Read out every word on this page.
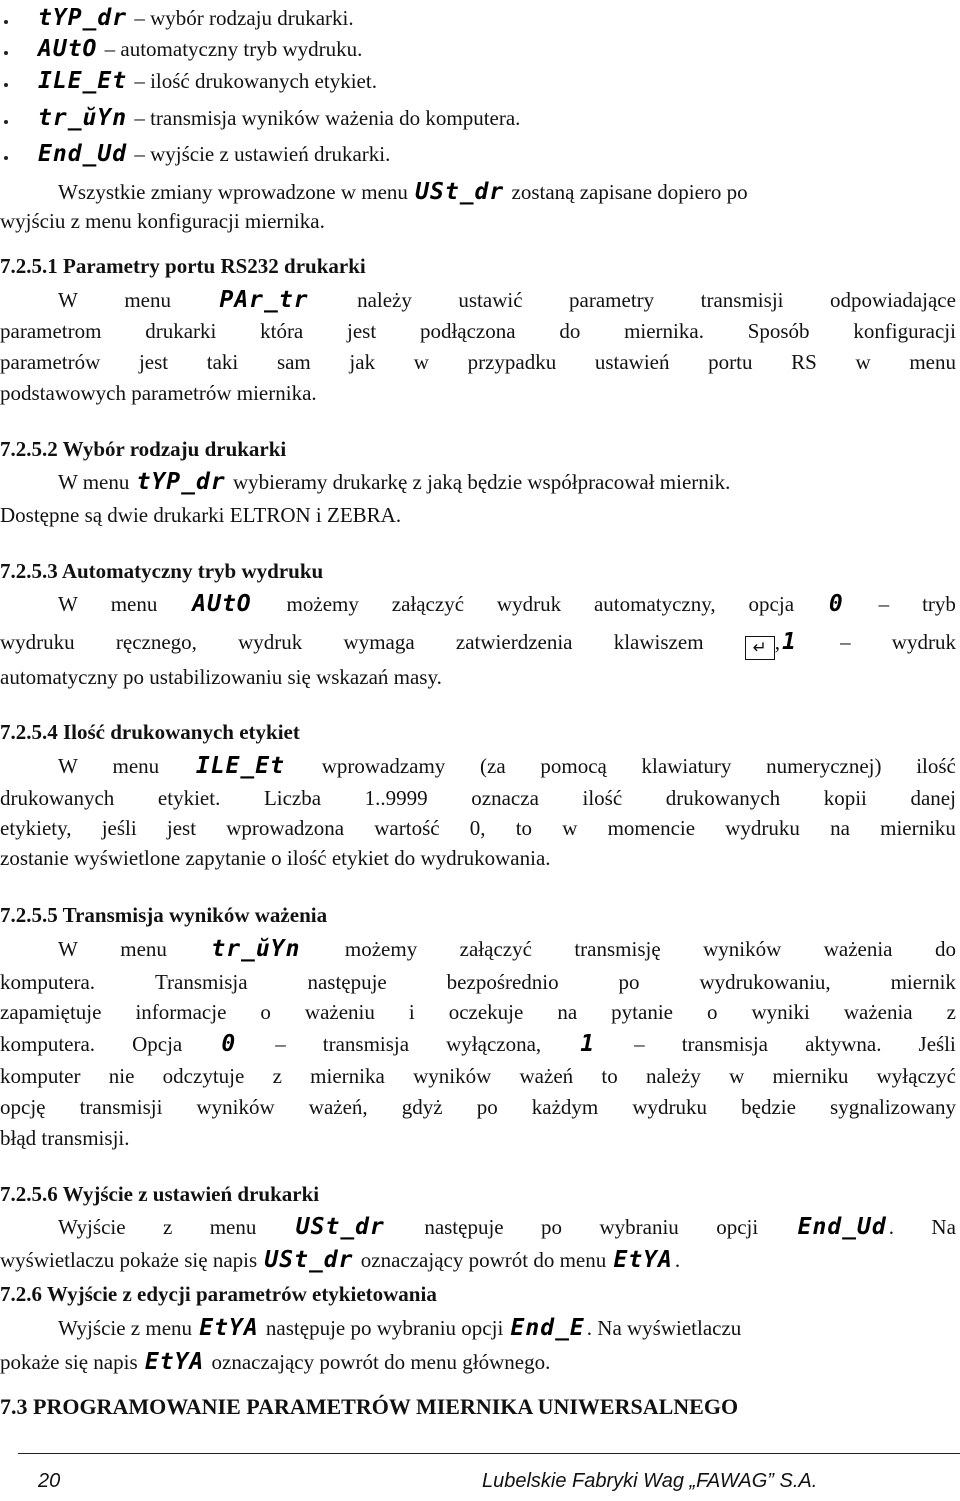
tYP_dr – wybór rodzaju drukarki.
AUtO – automatyczny tryb wydruku.
ILE_Et – ilość drukowanych etykiet.
tr_ŭYn – transmisja wyników ważenia do komputera.
End_Ud – wyjście z ustawień drukarki.
Wszystkie zmiany wprowadzone w menu USt_dr zostaną zapisane dopiero po
wyjściu z menu konfiguracji miernika.
7.2.5.1 Parametry portu RS232 drukarki
W menu PAr_tr należy ustawić parametry transmisji odpowiadające
parametrom drukarki która jest podłączona do miernika. Sposób konfiguracji
parametrów jest taki sam jak w przypadku ustawień portu RS w menu
podstawowych parametrów miernika.
7.2.5.2 Wybór rodzaju drukarki
W menu tYP_dr wybieramy drukarkę z jaką będzie współpracował miernik.
Dostępne są dwie drukarki ELTRON i ZEBRA.
7.2.5.3 Automatyczny tryb wydruku
W menu AUtO możemy załączyć wydruk automatyczny, opcja 0 – tryb
wydruku ręcznego, wydruk wymaga zatwierdzenia klawiszem	↵ ,1 – wydruk
automatyczny po ustabilizowaniu się wskazań masy.
7.2.5.4 Ilość drukowanych etykiet
W menu ILE_Et wprowadzamy (za pomocą klawiatury numerycznej) ilość
drukowanych etykiet. Liczba 1..9999 oznacza ilość drukowanych kopii danej
etykiety, jeśli jest wprowadzona wartość 0, to w momencie wydruku na mierniku
zostanie wyświetlone zapytanie o ilość etykiet do wydrukowania.
7.2.5.5 Transmisja wyników ważenia
W menu tr_ŭYn możemy załączyć transmisję wyników ważenia do
komputera.	Transmisja	następuje	bezpośrednio	po	wydrukowaniu,	miernik
zapamiętuje informacje o ważeniu i oczekuje na pytanie o wyniki ważenia z
komputera. Opcja 0 – transmisja wyłączona, 1 – transmisja aktywna. Jeśli
komputer nie odczytuje z miernika wyników ważeń to należy w mierniku wyłączyć
opcję transmisji wyników ważeń, gdyż po każdym wydruku będzie sygnalizowany
błąd transmisji.
7.2.5.6 Wyjście z ustawień drukarki
Wyjście z menu USt_dr następuje po wybraniu opcji End_Ud. Na
wyświetlaczu pokaże się napis USt_dr oznaczający powrót do menu EtYA.
7.2.6 Wyjście z edycji parametrów etykietowania
Wyjście z menu EtYA następuje po wybraniu opcji End_E. Na wyświetlaczu
pokaże się napis EtYA oznaczający powrót do menu głównego.
7.3 PROGRAMOWANIE PARAMETRÓW MIERNIKA UNIWERSALNEGO
20	Lubelskie Fabryki Wag „FAWAG” S.A.
